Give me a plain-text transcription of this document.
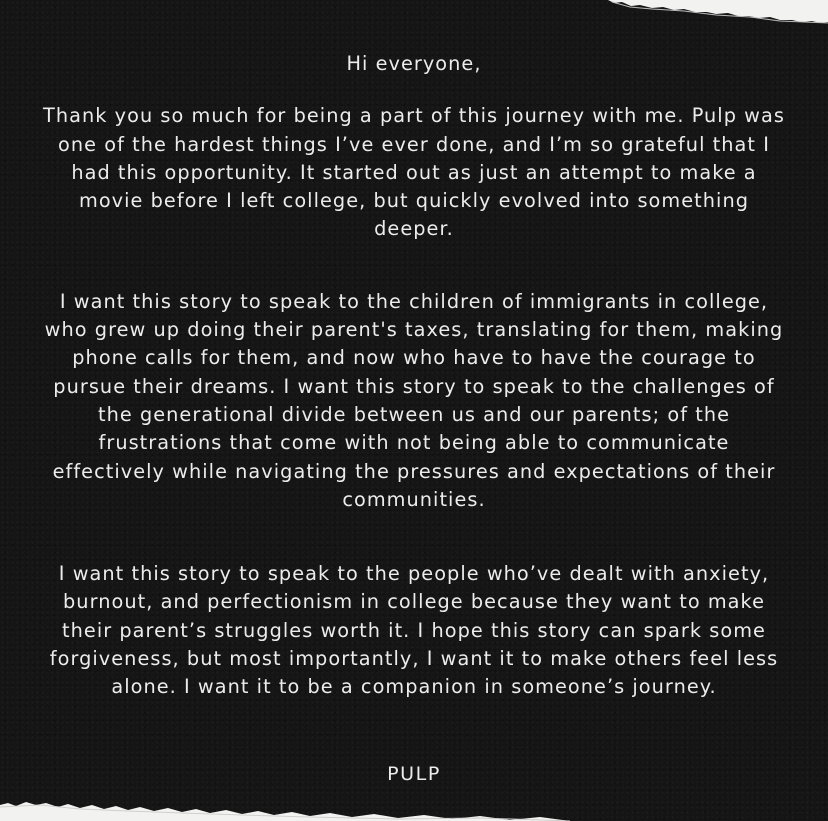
Hi everyone,

Thank you so much for being a part of this journey with me. Pulp was one of the hardest things I’ve ever done, and I’m so grateful that I had this opportunity. It started out as just an attempt to make a movie before I left college, but quickly evolved into something deeper.

I want this story to speak to the children of immigrants in college, who grew up doing their parent's taxes, translating for them, making phone calls for them, and now who have to have the courage to pursue their dreams. I want this story to speak to the challenges of the generational divide between us and our parents; of the frustrations that come with not being able to communicate effectively while navigating the pressures and expectations of their communities.

I want this story to speak to the people who’ve dealt with anxiety, burnout, and perfectionism in college because they want to make their parent’s struggles worth it. I hope this story can spark some forgiveness, but most importantly, I want it to make others feel less alone. I want it to be a companion in someone’s journey.

PULP
